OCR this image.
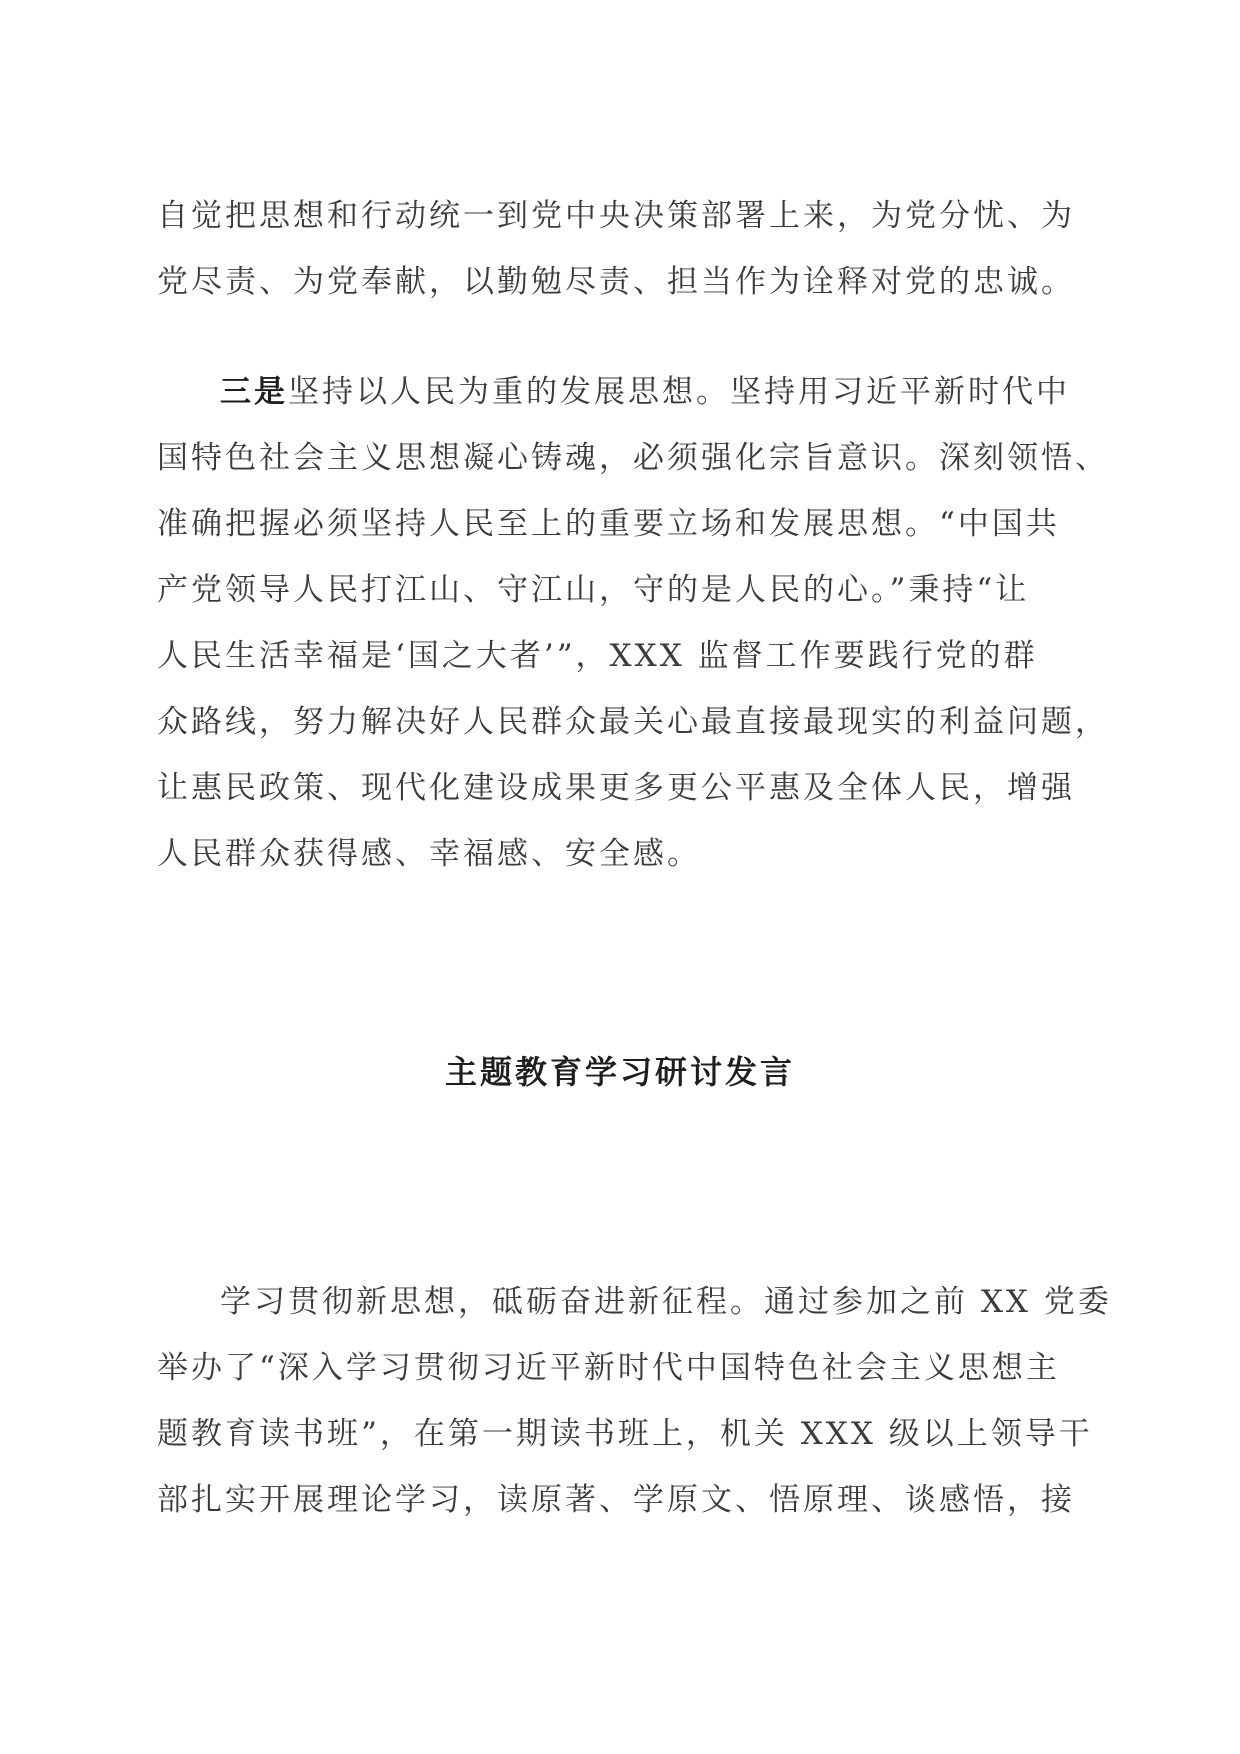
自觉把思想和行动统一到党中央决策部署上来，为党分忧、为
党尽责、为党奉献，以勤勉尽责、担当作为诠释对党的忠诚。
三是坚持以人民为重的发展思想。坚持用习近平新时代中
国特色社会主义思想凝心铸魂，必须强化宗旨意识。深刻领悟、
准确把握必须坚持人民至上的重要立场和发展思想。“中国共
产党领导人民打江山、守江山，守的是人民的心。”秉持“让
人民生活幸福是‘国之大者’”，XXX 监督工作要践行党的群
众路线，努力解决好人民群众最关心最直接最现实的利益问题，
让惠民政策、现代化建设成果更多更公平惠及全体人民，增强
人民群众获得感、幸福感、安全感。
主题教育学习研讨发言
学习贯彻新思想，砥砺奋进新征程。通过参加之前 XX 党委
举办了“深入学习贯彻习近平新时代中国特色社会主义思想主
题教育读书班”，在第一期读书班上，机关 XXX 级以上领导干
部扎实开展理论学习，读原著、学原文、悟原理、谈感悟，接
